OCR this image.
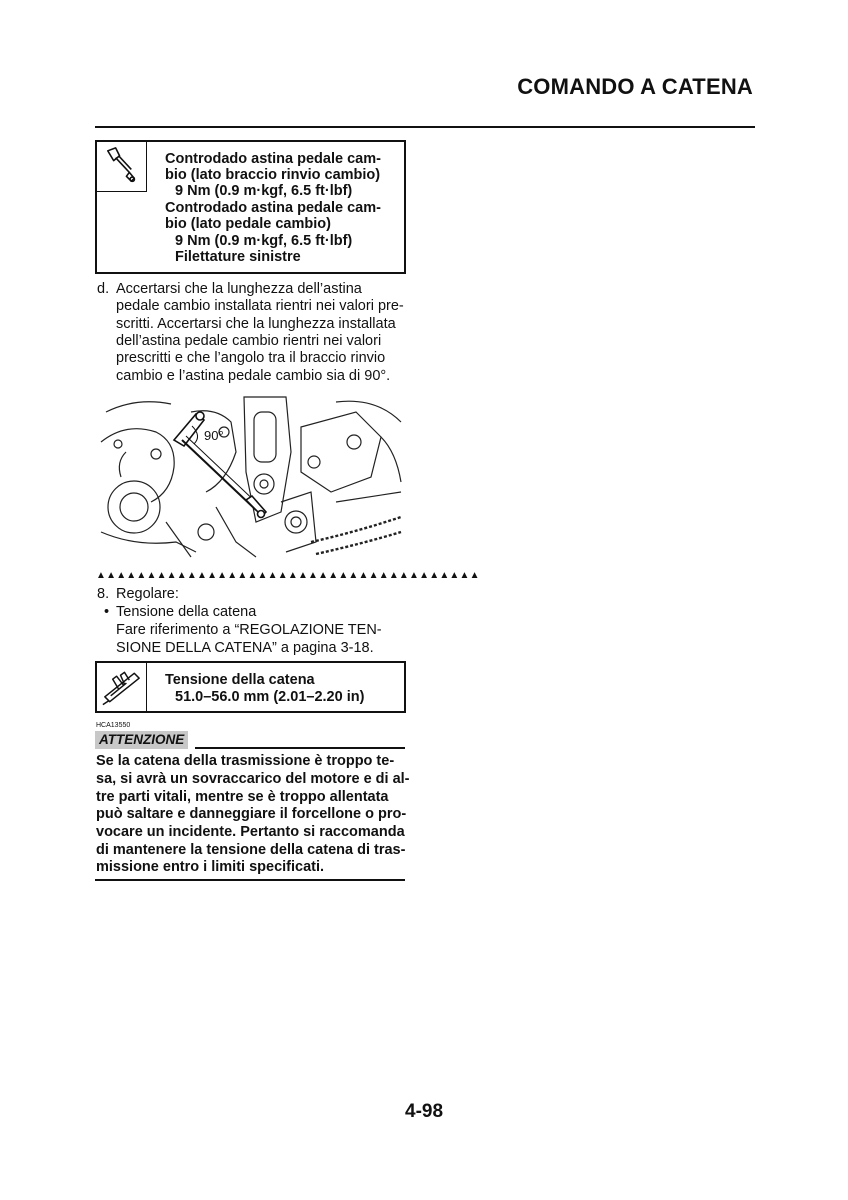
COMANDO A CATENA
Controdado astina pedale cam-
bio (lato braccio rinvio cambio)
9 Nm (0.9 m·kgf, 6.5 ft·lbf)
Controdado astina pedale cam-
bio (lato pedale cambio)
9 Nm (0.9 m·kgf, 6.5 ft·lbf)
Filettature sinistre
d. Accertarsi che la lunghezza dell’astina
pedale cambio installata rientri nei valori pre-
scritti. Accertarsi che la lunghezza installata
dell’astina pedale cambio rientri nei valori
prescritti e che l’angolo tra il braccio rinvio
cambio e l’astina pedale cambio sia di 90°.
90°
▲▲▲▲▲▲▲▲▲▲▲▲▲▲▲▲▲▲▲▲▲▲▲▲▲▲▲▲▲▲▲▲▲▲▲▲▲▲
8. Regolare:
• Tensione della catena
Fare riferimento a “REGOLAZIONE TEN-
SIONE DELLA CATENA” a pagina 3-18.
Tensione della catena
51.0–56.0 mm (2.01–2.20 in)
HCA13550
ATTENZIONE
Se la catena della trasmissione è troppo te-
sa, si avrà un sovraccarico del motore e di al-
tre parti vitali, mentre se è troppo allentata
può saltare e danneggiare il forcellone o pro-
vocare un incidente. Pertanto si raccomanda
di mantenere la tensione della catena di tras-
missione entro i limiti specificati.
4-98
